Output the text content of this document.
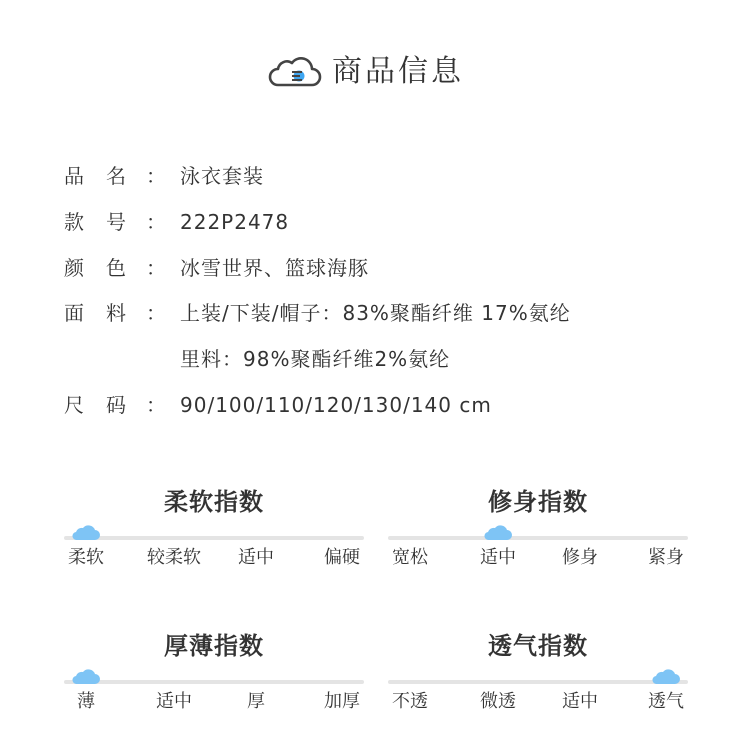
商品信息
品 名 ： 泳衣套装
款 号 ： 222P2478
颜 色 ： 冰雪世界、篮球海豚
面 料 ： 上装/下装/帽子：83%聚酯纤维 17%氨纶
里料：98%聚酯纤维2%氨纶
尺 码 ： 90/100/110/120/130/140 cm
柔软指数
柔软 较柔软 适中	偏硬
修身指数
宽松	适中	修身	紧身
厚薄指数
薄	适中	厚	加厚
透气指数
不透	微透	适中	透气
